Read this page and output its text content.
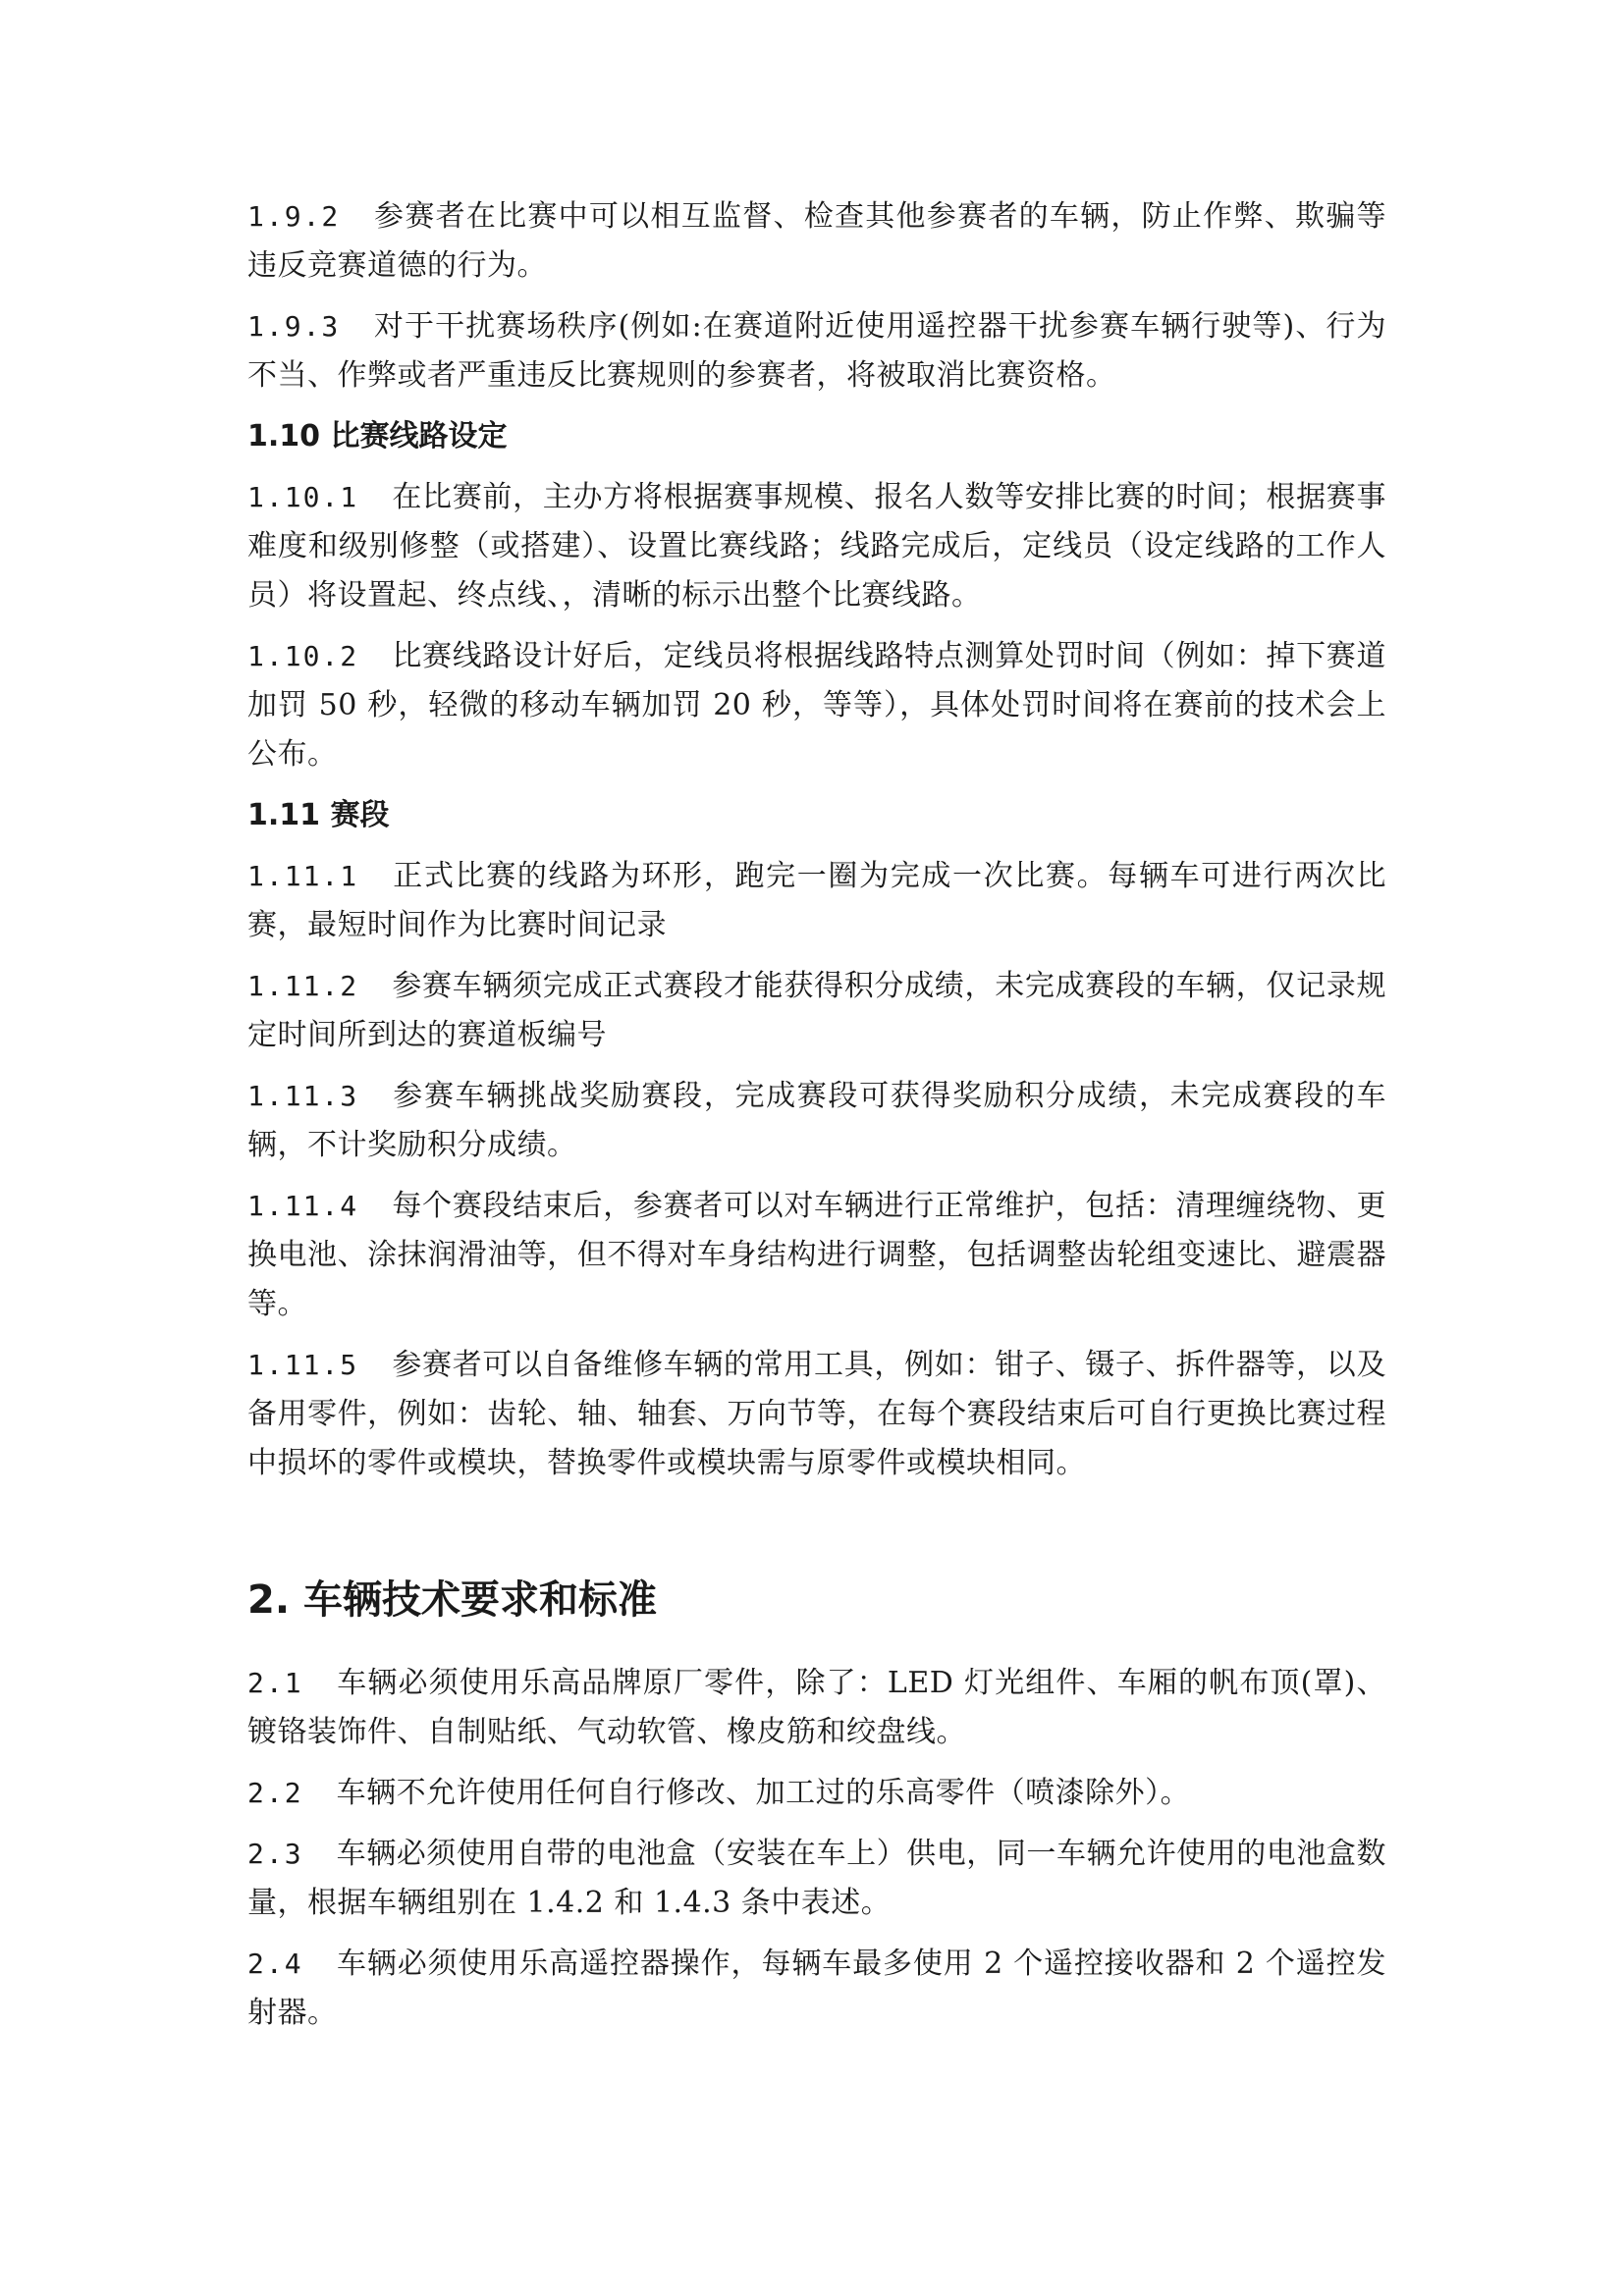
1.9.2 参赛者在比赛中可以相互监督、检查其他参赛者的车辆，防止作弊、欺骗等违反竞赛道德的行为。

1.9.3 对于干扰赛场秩序(例如:在赛道附近使用遥控器干扰参赛车辆行驶等)、行为不当、作弊或者严重违反比赛规则的参赛者，将被取消比赛资格。

1.10 比赛线路设定

1.10.1 在比赛前，主办方将根据赛事规模、报名人数等安排比赛的时间；根据赛事难度和级别修整（或搭建）、设置比赛线路；线路完成后，定线员（设定线路的工作人员）将设置起、终点线、，清晰的标示出整个比赛线路。

1.10.2 比赛线路设计好后，定线员将根据线路特点测算处罚时间（例如：掉下赛道加罚 50 秒，轻微的移动车辆加罚 20 秒，等等），具体处罚时间将在赛前的技术会上公布。

1.11 赛段

1.11.1 正式比赛的线路为环形，跑完一圈为完成一次比赛。每辆车可进行两次比赛，最短时间作为比赛时间记录

1.11.2 参赛车辆须完成正式赛段才能获得积分成绩，未完成赛段的车辆，仅记录规定时间所到达的赛道板编号

1.11.3 参赛车辆挑战奖励赛段，完成赛段可获得奖励积分成绩，未完成赛段的车辆，不计奖励积分成绩。

1.11.4 每个赛段结束后，参赛者可以对车辆进行正常维护，包括：清理缠绕物、更换电池、涂抹润滑油等，但不得对车身结构进行调整，包括调整齿轮组变速比、避震器等。

1.11.5 参赛者可以自备维修车辆的常用工具，例如：钳子、镊子、拆件器等，以及备用零件，例如：齿轮、轴、轴套、万向节等，在每个赛段结束后可自行更换比赛过程中损坏的零件或模块，替换零件或模块需与原零件或模块相同。

2. 车辆技术要求和标准

2.1 车辆必须使用乐高品牌原厂零件，除了：LED 灯光组件、车厢的帆布顶(罩)、镀铬装饰件、自制贴纸、气动软管、橡皮筋和绞盘线。

2.2 车辆不允许使用任何自行修改、加工过的乐高零件（喷漆除外）。

2.3 车辆必须使用自带的电池盒（安装在车上）供电，同一车辆允许使用的电池盒数量，根据车辆组别在 1.4.2 和 1.4.3 条中表述。

2.4 车辆必须使用乐高遥控器操作，每辆车最多使用 2 个遥控接收器和 2 个遥控发射器。
